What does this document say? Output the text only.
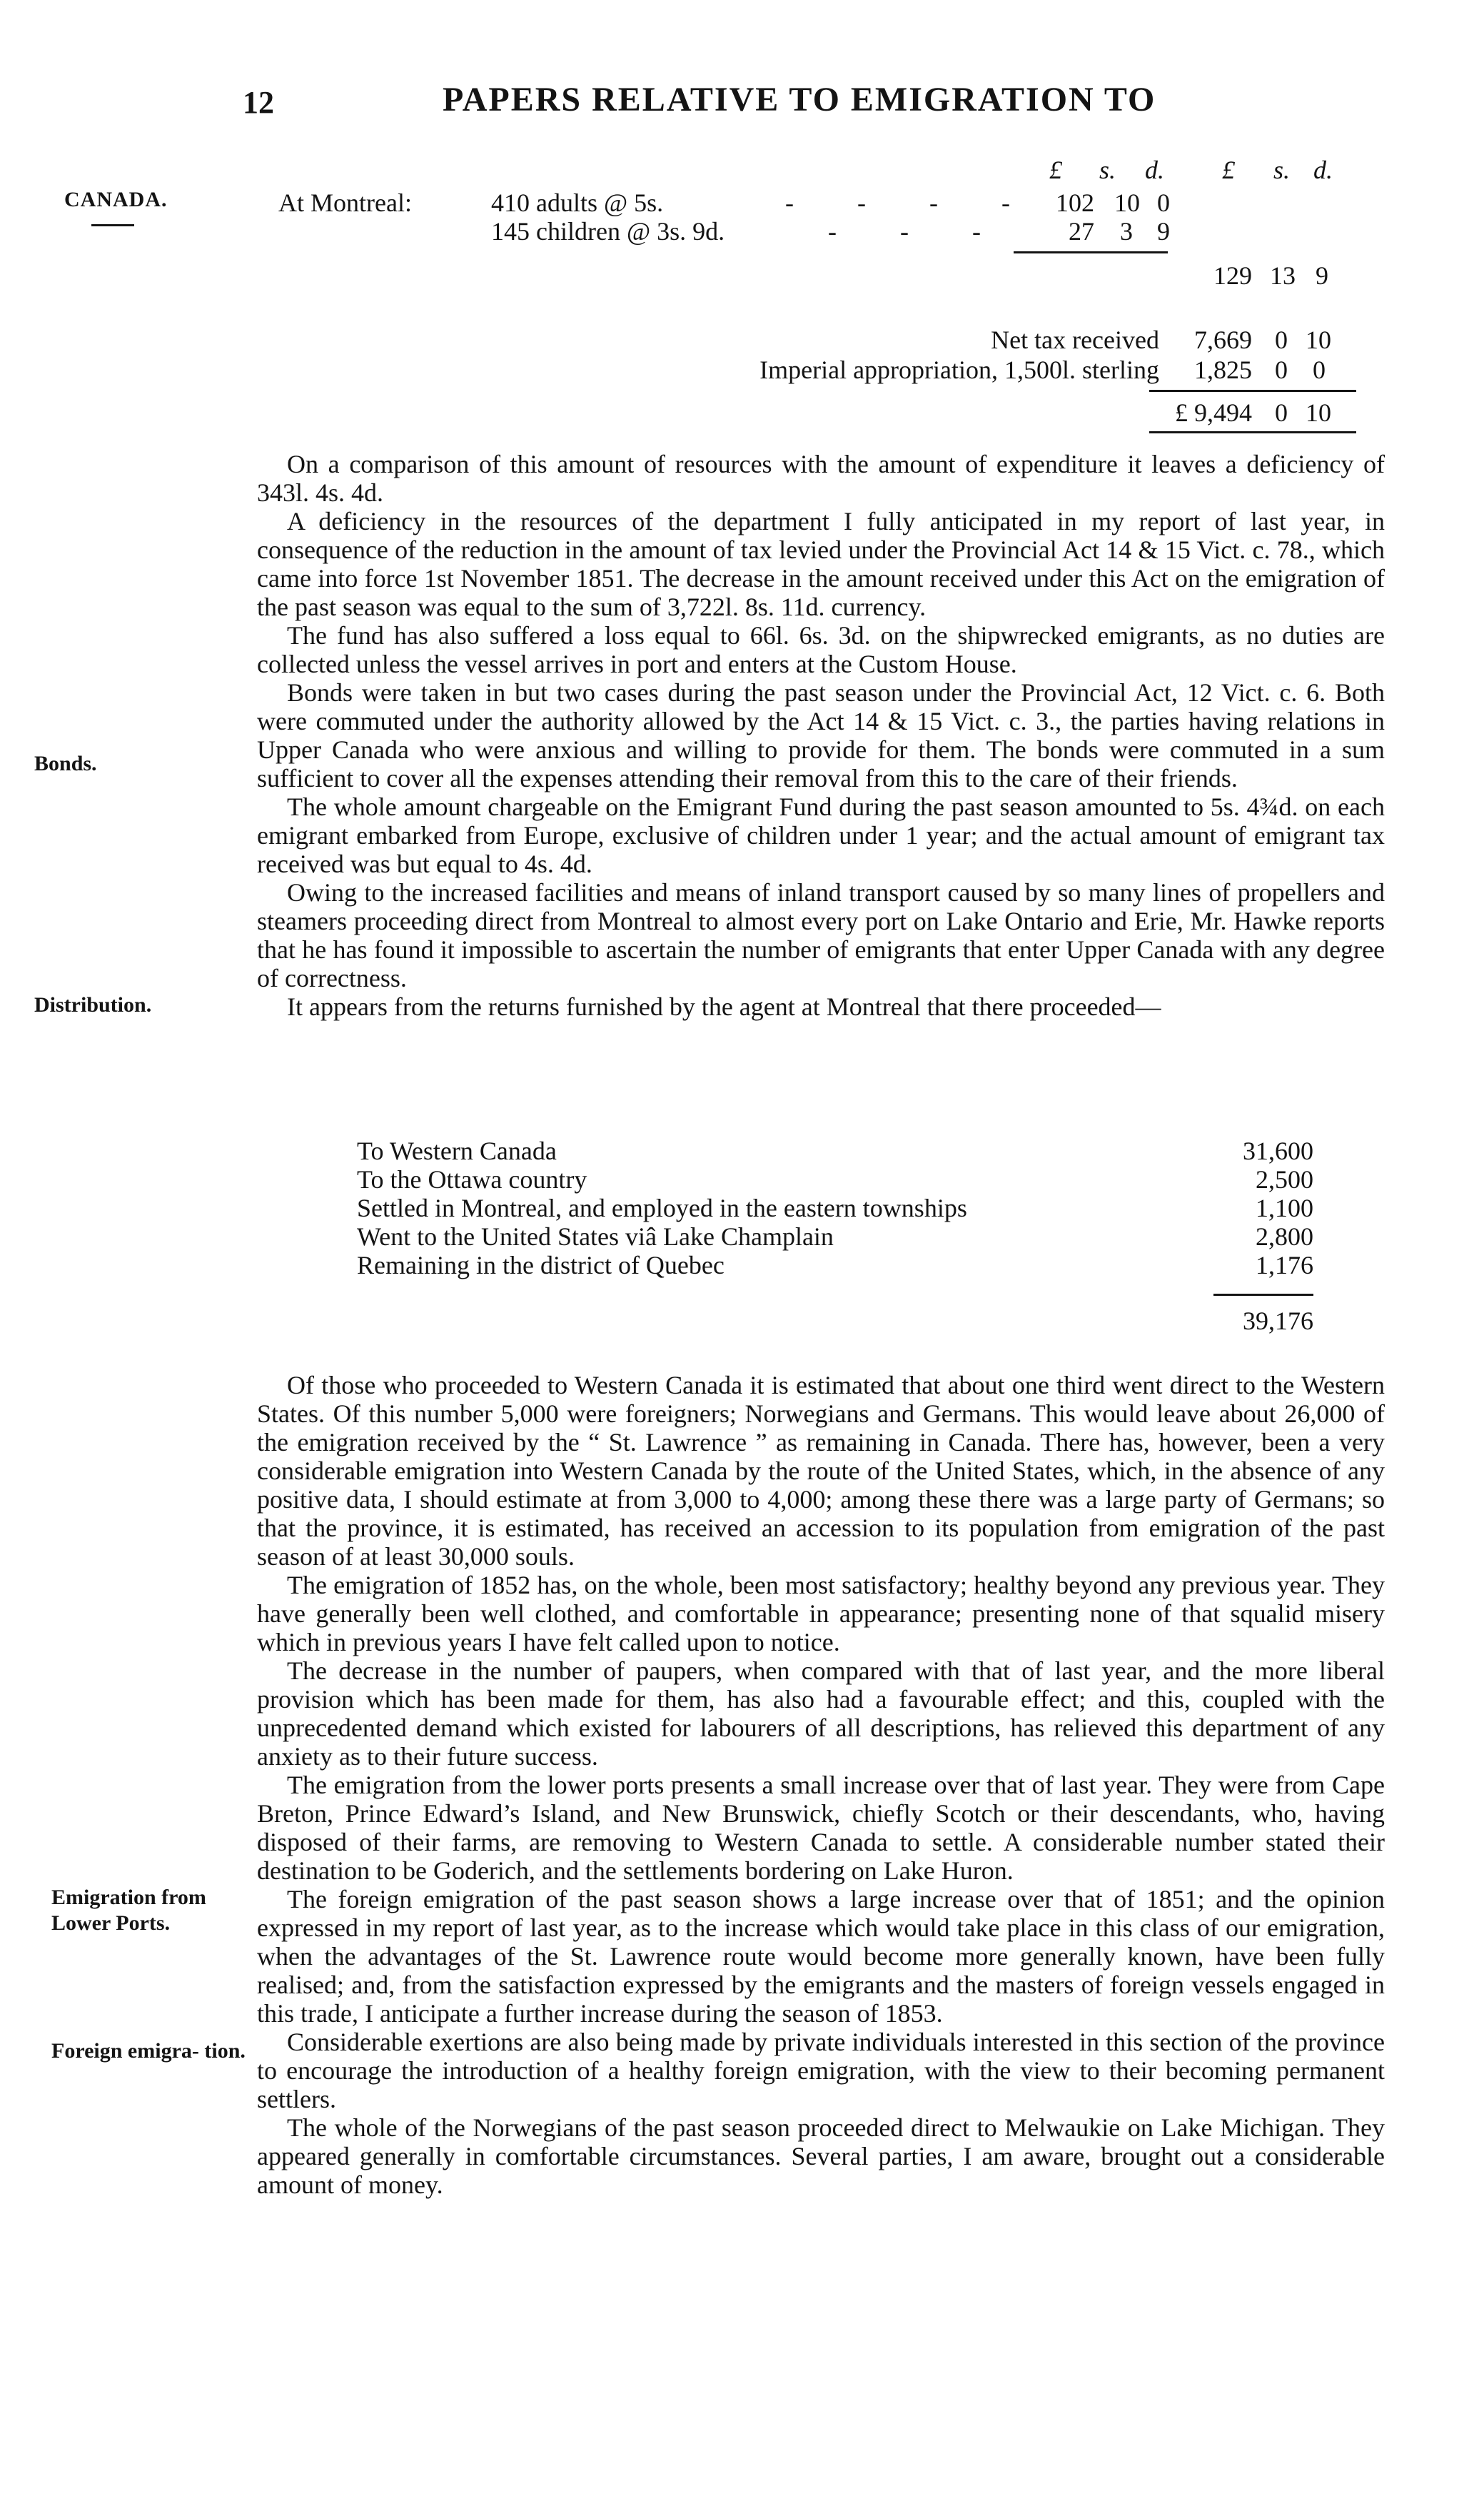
12	PAPERS RELATIVE TO EMIGRATION TO
CANADA.
Bonds.
Distribution.
Emigration from Lower Ports.
Foreign emigra- tion.
£ s. d. £ s. d.
At Montreal:	410 adults @ 5s.	- - - - 102 10 0
145 children @ 3s. 9d.	- - - 27 3 9
129 13 9
Net tax received 7,669 0 10
Imperial appropriation, 1,500l. sterling 1,825 0 0
£ 9,494 0 10

On a comparison of this amount of resources with the amount of expenditure it leaves a deficiency of 343l. 4s. 4d.

A deficiency in the resources of the department I fully anticipated in my report of last year, in consequence of the reduction in the amount of tax levied under the Provincial Act 14 & 15 Vict. c. 78., which came into force 1st November 1851. The decrease in the amount received under this Act on the emigration of the past season was equal to the sum of 3,722l. 8s. 11d. currency.

The fund has also suffered a loss equal to 66l. 6s. 3d. on the shipwrecked emigrants, as no duties are collected unless the vessel arrives in port and enters at the Custom House.

Bonds were taken in but two cases during the past season under the Provincial Act, 12 Vict. c. 6. Both were commuted under the authority allowed by the Act 14 & 15 Vict. c. 3., the parties having relations in Upper Canada who were anxious and willing to provide for them. The bonds were commuted in a sum sufficient to cover all the expenses attending their removal from this to the care of their friends.

The whole amount chargeable on the Emigrant Fund during the past season amounted to 5s. 4¾d. on each emigrant embarked from Europe, exclusive of children under 1 year; and the actual amount of emigrant tax received was but equal to 4s. 4d.

Owing to the increased facilities and means of inland transport caused by so many lines of propellers and steamers proceeding direct from Montreal to almost every port on Lake Ontario and Erie, Mr. Hawke reports that he has found it impossible to ascertain the number of emigrants that enter Upper Canada with any degree of correctness.

It appears from the returns furnished by the agent at Montreal that there proceeded—

To Western Canada	31,600
To the Ottawa country	2,500
Settled in Montreal, and employed in the eastern townships	1,100
Went to the United States viâ Lake Champlain	2,800
Remaining in the district of Quebec	1,176
39,176

Of those who proceeded to Western Canada it is estimated that about one third went direct to the Western States. Of this number 5,000 were foreigners; Norwegians and Germans. This would leave about 26,000 of the emigration received by the “ St. Lawrence ” as remaining in Canada. There has, however, been a very considerable emigration into Western Canada by the route of the United States, which, in the absence of any positive data, I should estimate at from 3,000 to 4,000; among these there was a large party of Germans; so that the province, it is estimated, has received an accession to its population from emigration of the past season of at least 30,000 souls.

The emigration of 1852 has, on the whole, been most satisfactory; healthy beyond any previous year. They have generally been well clothed, and comfortable in appearance; presenting none of that squalid misery which in previous years I have felt called upon to notice.

The decrease in the number of paupers, when compared with that of last year, and the more liberal provision which has been made for them, has also had a favourable effect; and this, coupled with the unprecedented demand which existed for labourers of all descriptions, has relieved this department of any anxiety as to their future success.

The emigration from the lower ports presents a small increase over that of last year. They were from Cape Breton, Prince Edward’s Island, and New Brunswick, chiefly Scotch or their descendants, who, having disposed of their farms, are removing to Western Canada to settle. A considerable number stated their destination to be Goderich, and the settlements bordering on Lake Huron.

The foreign emigration of the past season shows a large increase over that of 1851; and the opinion expressed in my report of last year, as to the increase which would take place in this class of our emigration, when the advantages of the St. Lawrence route would become more generally known, have been fully realised; and, from the satisfaction expressed by the emigrants and the masters of foreign vessels engaged in this trade, I anticipate a further increase during the season of 1853.

Considerable exertions are also being made by private individuals interested in this section of the province to encourage the introduction of a healthy foreign emigration, with the view to their becoming permanent settlers.

The whole of the Norwegians of the past season proceeded direct to Melwaukie on Lake Michigan. They appeared generally in comfortable circumstances. Several parties, I am aware, brought out a considerable amount of money.
